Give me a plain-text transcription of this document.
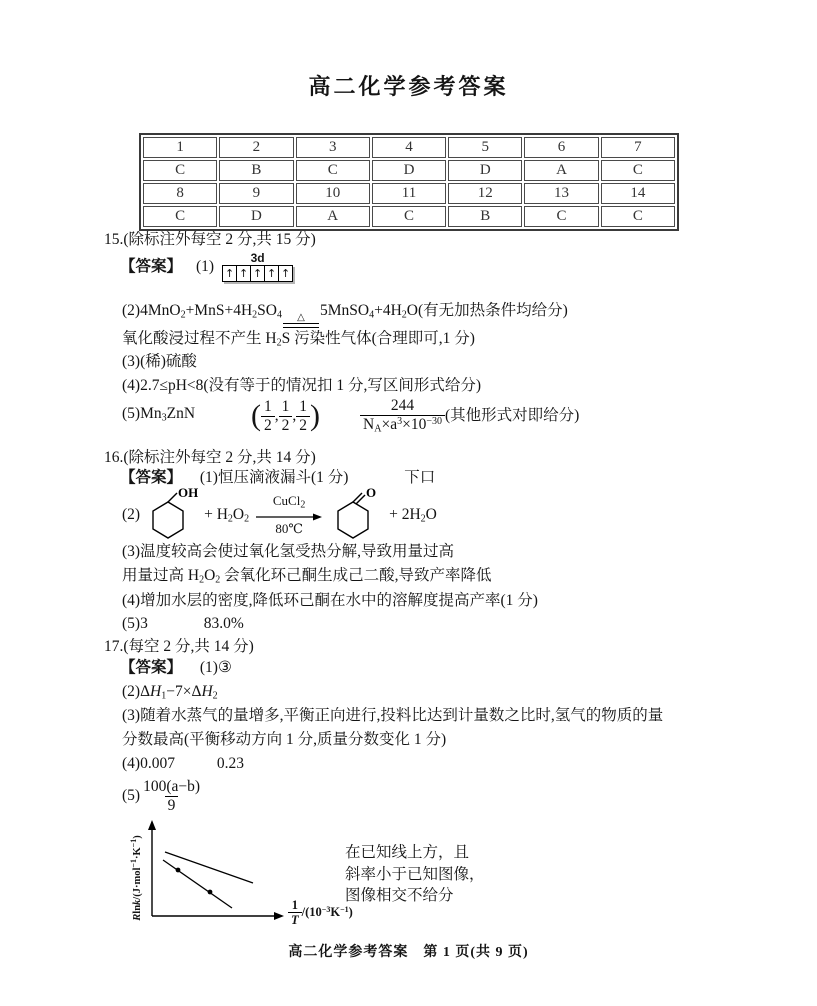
高二化学参考答案
1	2	3	4	5	6	7
C	B	C	D	D	A	C
8	9	10	11	12	13	14
C	D	A	C	B	C	C
15.(除标注外每空 2 分,共 15 分)
【答案】 (1)	3d
↑ ↑ ↑ ↑ ↑
$(2)4MnO_2+MnS+4H_2SO_4$ △ $5MnSO_4+4H_2O$(有无加热条件均给分)
氧化酸浸过程不产生 $H_2S$ 污染性气体(合理即可,1 分)
(3)(稀)硫酸
(4)2.7≤pH<8(没有等于的情况扣 1 分,写区间形式给分)
$(5)Mn_3ZnN$ ( $\frac{1}{2}$ , $\frac{1}{2}$ , $\frac{1}{2}$ )	$\frac{244}{N_A\times a^3\times 10^{-30}}$ (其他形式对即给分)
16.(除标注外每空 2 分,共 14 分)
【答案】 (1)恒压滴液漏斗(1 分)	下口
(2)
OH
+ $H_2O_2$
CuCl$_2$
80℃
O
+ $2H_2O$
(3)温度较高会使过氧化氢受热分解,导致用量过高
用量过高 $H_2O_2$ 会氧化环己酮生成己二酸,导致产率降低
(4)增加水层的密度,降低环己酮在水中的溶解度提高产率(1 分)
(5)3	83.0%
17.(每空 2 分,共 14 分)
【答案】 (1)③
$(2)\Delta H_1-7\times\Delta H_2$
(3)随着水蒸气的量增多,平衡正向进行,投料比达到计量数之比时,氢气的物质的量
分数最高(平衡移动方向 1 分,质量分数变化 1 分)
(4)0.007	0.23
$(5) \frac{100(a-b)}{9}$
Rlnk/$(J\cdot mol^{-1}\cdot K^{-1})$
$\frac{1}{T} /(10^{-3}K^{-1})$
在已知线上方，且
斜率小于已知图像，
图像相交不给分
高二化学参考答案　第 1 页(共 9 页)
